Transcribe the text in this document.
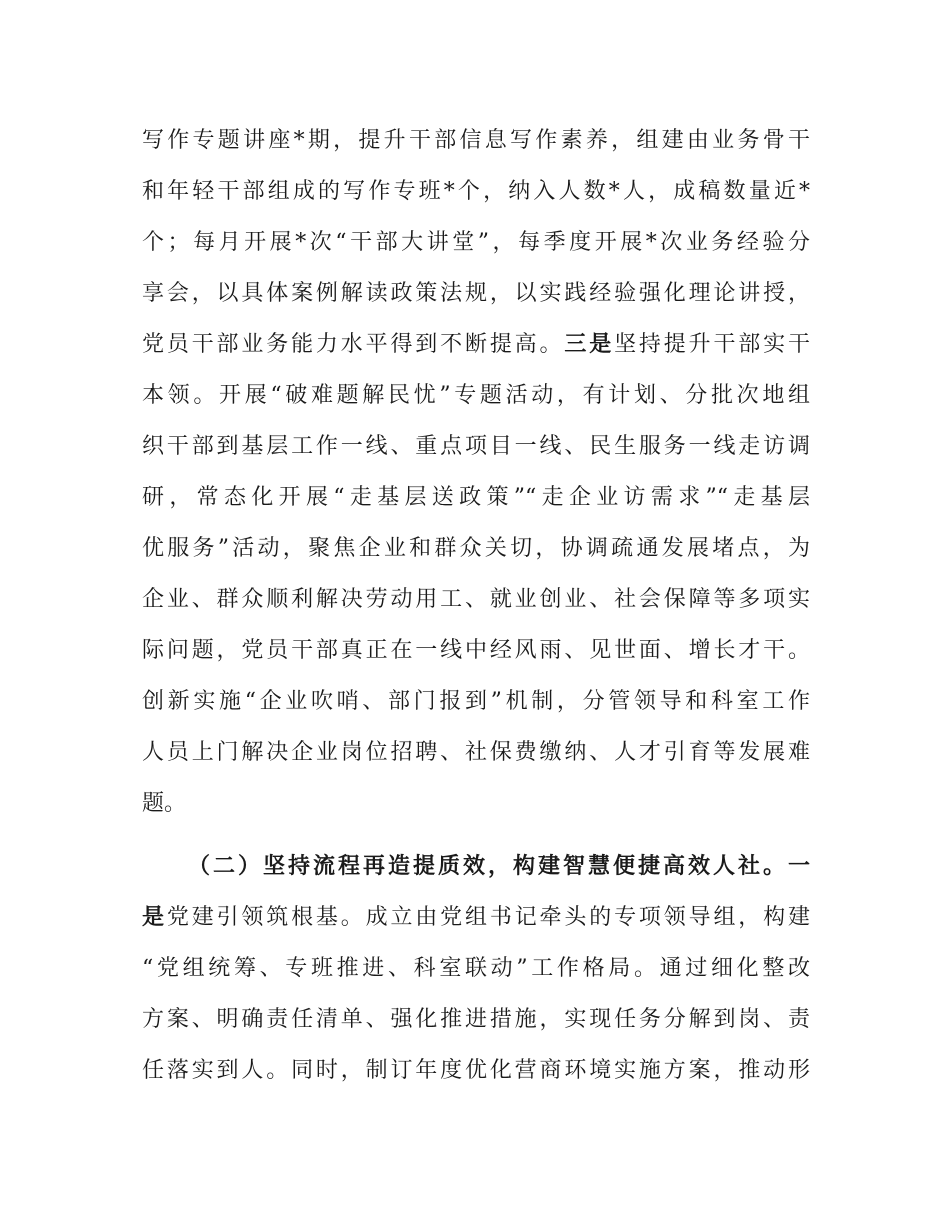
写作专题讲座*期，提升干部信息写作素养，组建由业务骨干
和年轻干部组成的写作专班*个，纳入人数*人，成稿数量近*
个；每月开展*次“干部大讲堂”，每季度开展*次业务经验分
享会，以具体案例解读政策法规，以实践经验强化理论讲授，
党员干部业务能力水平得到不断提高。三是坚持提升干部实干
本领。开展“破难题解民忧”专题活动，有计划、分批次地组
织干部到基层工作一线、重点项目一线、民生服务一线走访调
研，常态化开展“走基层送政策”“走企业访需求”“走基层
优服务”活动，聚焦企业和群众关切，协调疏通发展堵点，为
企业、群众顺利解决劳动用工、就业创业、社会保障等多项实
际问题，党员干部真正在一线中经风雨、见世面、增长才干。
创新实施“企业吹哨、部门报到”机制，分管领导和科室工作
人员上门解决企业岗位招聘、社保费缴纳、人才引育等发展难
题。
（二）坚持流程再造提质效，构建智慧便捷高效人社。一
是党建引领筑根基。成立由党组书记牵头的专项领导组，构建
“党组统筹、专班推进、科室联动”工作格局。通过细化整改
方案、明确责任清单、强化推进措施，实现任务分解到岗、责
任落实到人。同时，制订年度优化营商环境实施方案，推动形
